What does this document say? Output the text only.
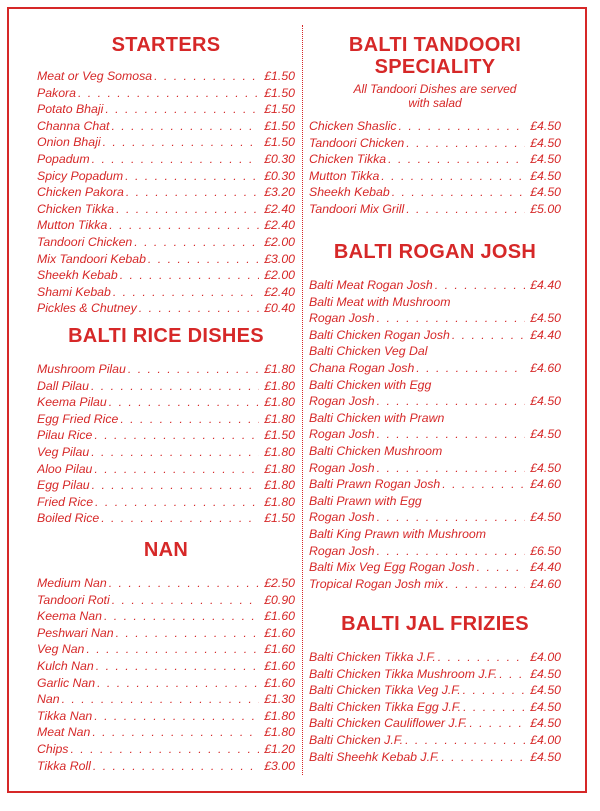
STARTERS
Meat or Veg Somosa . . .	£1.50
Pakora . . .	£1.50
Potato Bhaji . . .	£1.50
Channa Chat . . .	£1.50
Onion Bhaji . . .	£1.50
Popadum . . .	£0.30
Spicy Popadum . . .	£0.30
Chicken Pakora . . .	£3.20
Chicken Tikka . . .	£2.40
Mutton Tikka . . .	£2.40
Tandoori Chicken . . .	£2.00
Mix Tandoori Kebab . . .	£3.00
Sheekh Kebab . . .	£2.00
Shami Kebab . . .	£2.40
Pickles & Chutney . . .	£0.40
BALTI RICE DISHES
Mushroom Pilau . . .	£1.80
Dall Pilau . . .	£1.80
Keema Pilau . . .	£1.80
Egg Fried Rice . . .	£1.80
Pilau Rice . . .	£1.50
Veg Pilau . . .	£1.80
Aloo Pilau . . .	£1.80
Egg Pilau . . .	£1.80
Fried Rice . . .	£1.80
Boiled Rice . . .	£1.50
NAN
Medium Nan . . .	£2.50
Tandoori Roti . . .	£0.90
Keema Nan . . .	£1.60
Peshwari Nan . . .	£1.60
Veg Nan . . .	£1.60
Kulch Nan . . .	£1.60
Garlic Nan . . .	£1.60
Nan . . .	£1.30
Tikka Nan . . .	£1.80
Meat Nan . . .	£1.80
Chips . . .	£1.20
Tikka Roll . . .	£3.00
BALTI TANDOORI
SPECIALITY
All Tandoori Dishes are served
with salad
Chicken Shaslic . . .	£4.50
Tandoori Chicken . . .	£4.50
Chicken Tikka . . .	£4.50
Mutton Tikka . . .	£4.50
Sheekh Kebab . . .	£4.50
Tandoori Mix Grill . . .	£5.00
BALTI ROGAN JOSH
Balti Meat Rogan Josh . . .	£4.40
Balti Meat with Mushroom
Rogan Josh . . .	£4.50
Balti Chicken Rogan Josh . . .	£4.40
Balti Chicken Veg Dal
Chana Rogan Josh . . .	£4.60
Balti Chicken with Egg
Rogan Josh . . .	£4.50
Balti Chicken with Prawn
Rogan Josh . . .	£4.50
Balti Chicken Mushroom
Rogan Josh . . .	£4.50
Balti Prawn Rogan Josh . . .	£4.60
Balti Prawn with Egg
Rogan Josh . . .	£4.50
Balti King Prawn with Mushroom
Rogan Josh . . .	£6.50
Balti Mix Veg Egg Rogan Josh . . .	£4.40
Tropical Rogan Josh mix . . .	£4.60
BALTI JAL FRIZIES
Balti Chicken Tikka J.F. . . .	£4.00
Balti Chicken Tikka Mushroom J.F. . . .	£4.50
Balti Chicken Tikka Veg J.F. . . .	£4.50
Balti Chicken Tikka Egg J.F. . . .	£4.50
Balti Chicken Cauliflower J.F. . . .	£4.50
Balti Chicken J.F. . . .	£4.00
Balti Sheehk Kebab J.F. . . .	£4.50
